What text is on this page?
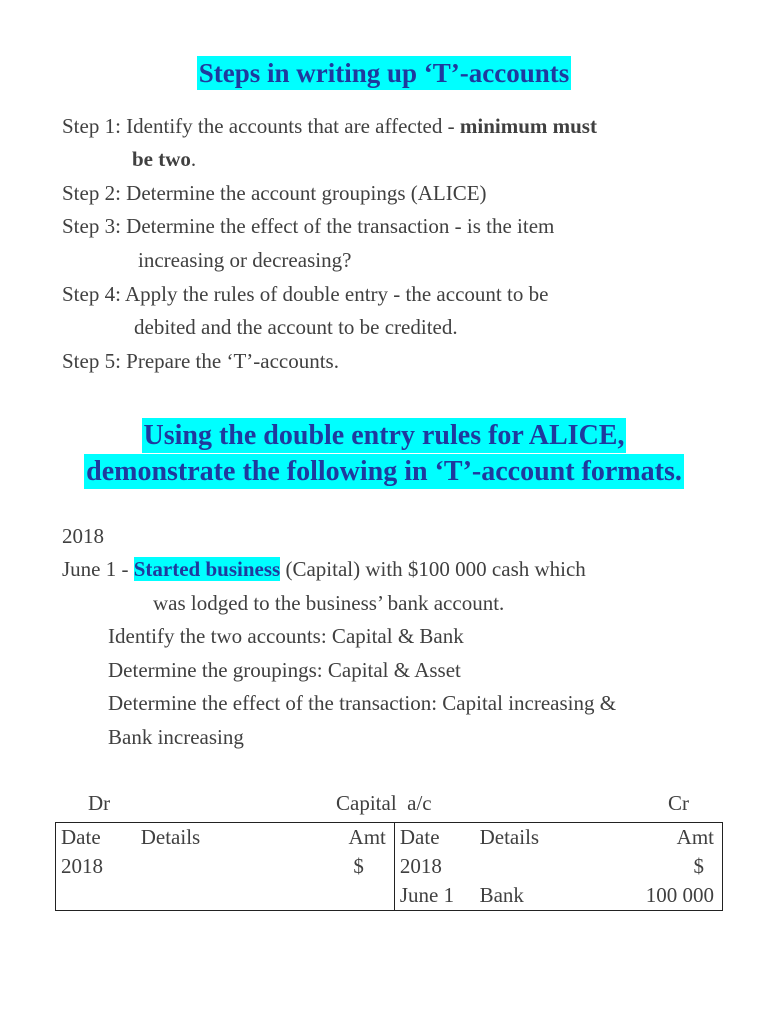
Steps in writing up ‘T’-accounts
Step 1: Identify the accounts that are affected - minimum must
be two.
Step 2: Determine the account groupings (ALICE)
Step 3: Determine the effect of the transaction - is the item
increasing or decreasing?
Step 4: Apply the rules of double entry - the account to be
debited and the account to be credited.
Step 5: Prepare the ‘T’-accounts.
Using the double entry rules for ALICE,
demonstrate the following in ‘T’-account formats.
2018
June 1 - Started business (Capital) with $100 000 cash which
was lodged to the business’ bank account.
Identify the two accounts: Capital & Bank
Determine the groupings: Capital & Asset
Determine the effect of the transaction: Capital increasing &
Bank increasing
Dr	Capital  a/c	Cr
Date	Details	Amt	Date	Details	Amt
2018		$	2018		$
			June 1	Bank	100 000
